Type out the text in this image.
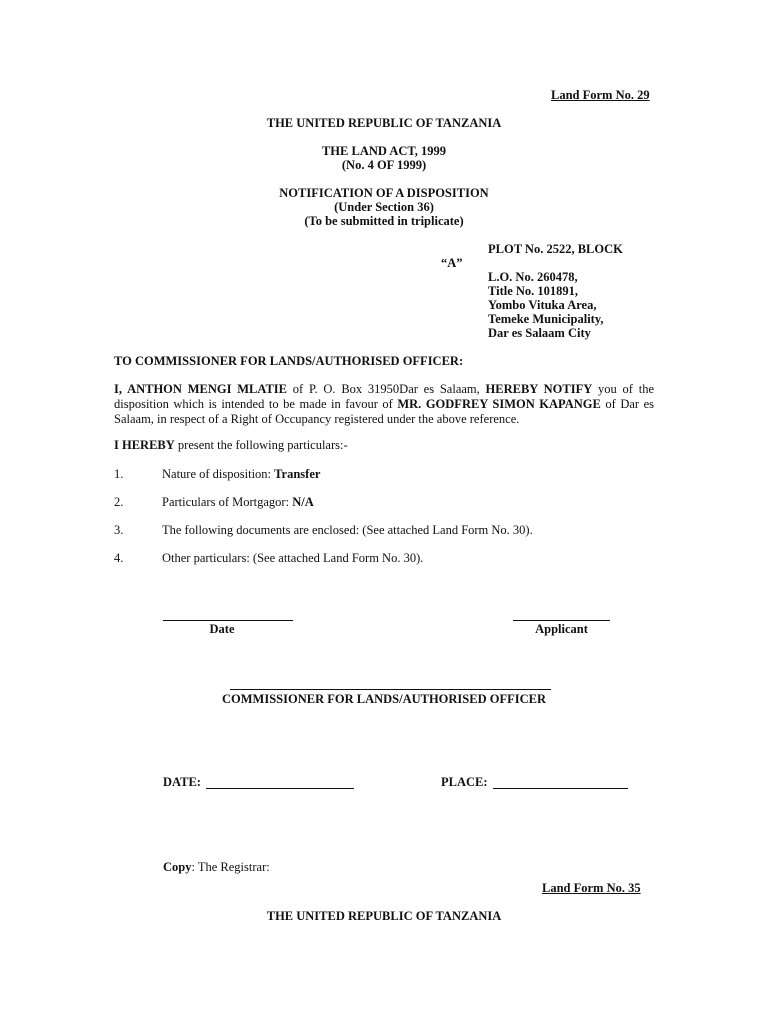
Land Form No. 29
THE UNITED REPUBLIC OF TANZANIA
THE LAND ACT, 1999
(No. 4 OF 1999)
NOTIFICATION OF A DISPOSITION
(Under Section 36)
(To be submitted in triplicate)
PLOT No. 2522, BLOCK
“A”
L.O. No. 260478,
Title No. 101891,
Yombo Vituka Area,
Temeke Municipality,
Dar es Salaam City
TO COMMISSIONER FOR LANDS/AUTHORISED OFFICER:
I, ANTHON MENGI MLATIE of P. O. Box 31950Dar es Salaam, HEREBY NOTIFY you of the disposition which is intended to be made in favour of MR. GODFREY SIMON KAPANGE of Dar es Salaam, in respect of a Right of Occupancy registered under the above reference.
I HEREBY present the following particulars:-
1.	Nature of disposition: Transfer
2.	Particulars of Mortgagor: N/A
3.	The following documents are enclosed: (See attached Land Form No. 30).
4.	Other particulars: (See attached Land Form No. 30).
Date	Applicant
COMMISSIONER FOR LANDS/AUTHORISED OFFICER
DATE:	PLACE:
Copy: The Registrar:
Land Form No. 35
THE UNITED REPUBLIC OF TANZANIA
